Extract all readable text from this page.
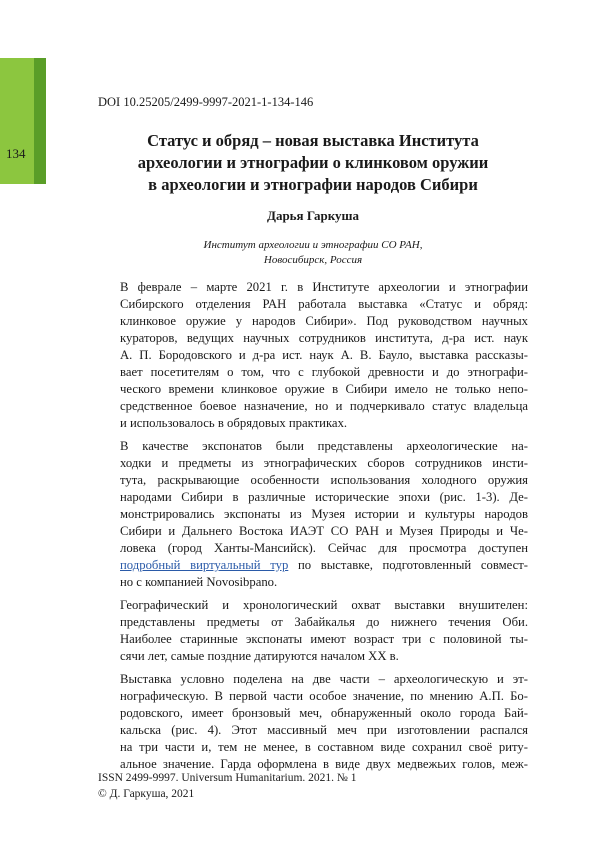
134
DOI 10.25205/2499-9997-2021-1-134-146
Статус и обряд – новая выставка Института
археологии и этнографии о клинковом оружии
в археологии и этнографии народов Сибири
Дарья Гаркуша
Институт археологии и этнографии СО РАН,
Новосибирск, Россия

В февралe – марте 2021 г. в Институте археологии и этнографии
Сибирского отделения РАН работала выставка «Статус и обряд:
клинковое оружие у народов Сибири». Под руководством научных
кураторов, ведущих научных сотрудников института, д-ра ист. наук
А. П. Бородовского и д-ра ист. наук А. В. Бауло, выставка рассказы-
вает посетителям о том, что с глубокой древности и до этнографи-
ческого времени клинковое оружие в Сибири имело не только непо-
средственное боевое назначение, но и подчеркивало статус владельца
и использовалось в обрядовых практиках.

В качестве экспонатов были представлены археологические на-
ходки и предметы из этнографических сборов сотрудников инсти-
тута, раскрывающие особенности использования холодного оружия
народами Сибири в различные исторические эпохи (рис. 1-3). Де-
монстрировались экспонаты из Музея истории и культуры народов
Сибири и Дальнего Востока ИАЭТ СО РАН и Музея Природы и Че-
ловека (город Ханты-Мансийск). Сейчас для просмотра доступен
подробный виртуальный тур по выставке, подготовленный совмест-
но с компанией Novosibpano.

Географический и хронологический охват выставки внушителен:
представлены предметы от Забайкалья до нижнего течения Оби.
Наиболее старинные экспонаты имеют возраст три с половиной ты-
сячи лет, самые поздние датируются началом XX в.

Выставка условно поделена на две части – археологическую и эт-
нографическую. В первой части особое значение, по мнению А.П. Бо-
родовского, имеет бронзовый меч, обнаруженный около города Бай-
кальска (рис. 4). Этот массивный меч при изготовлении распался
на три части и, тем не менее, в составном виде сохранил своё риту-
альное значение. Гарда оформлена в виде двух медвежьих голов, меж-

ISSN 2499-9997. Universum Humanitarium. 2021. № 1
© Д. Гаркуша, 2021
